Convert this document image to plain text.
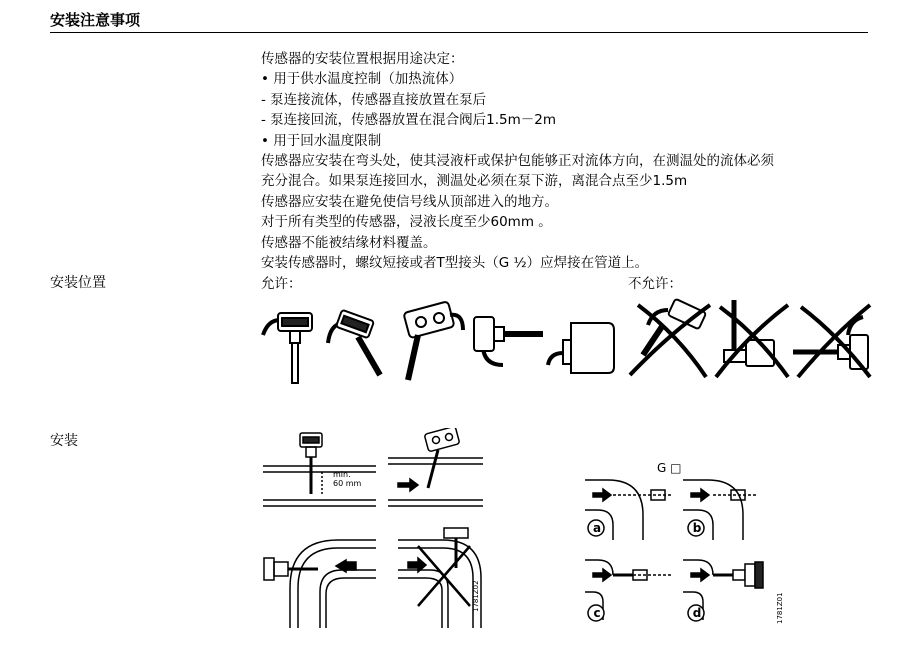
安装注意事项
传感器的安装位置根据用途决定：
• 用于供水温度控制（加热流体）
- 泵连接流体，传感器直接放置在泵后
- 泵连接回流，传感器放置在混合阀后1.5m－2m
• 用于回水温度限制
传感器应安装在弯头处，使其浸液杆或保护包能够正对流体方向，在测温处的流体必须
充分混合。如果泵连接回水，测温处必须在泵下游，离混合点至少1.5m
传感器应安装在避免使信号线从顶部进入的地方。
对于所有类型的传感器，浸液长度至少60mm 。
传感器不能被结缘材料覆盖。
安装传感器时，螺纹短接或者T型接头（G ½）应焊接在管道上。
安装位置	允许：	不允许：
安装
min.
60 mm
1781Z02
G □
a	b
c	d	1781Z01
